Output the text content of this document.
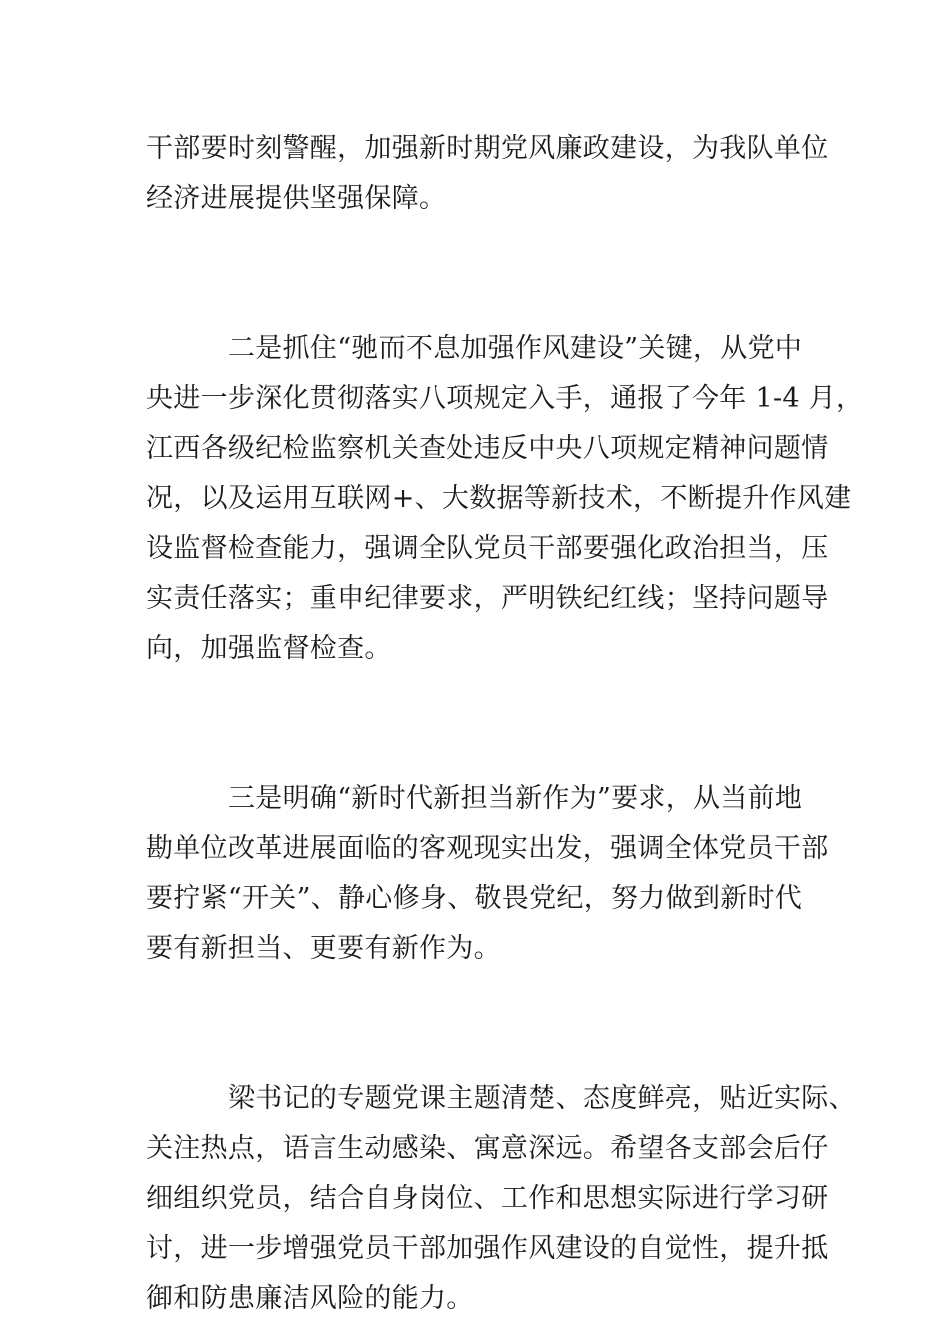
干部要时刻警醒，加强新时期党风廉政建设，为我队单位
经济进展提供坚强保障。

二是抓住“驰而不息加强作风建设”关键，从党中
央进一步深化贯彻落实八项规定入手，通报了今年 1-4 月，
江西各级纪检监察机关查处违反中央八项规定精神问题情
况，以及运用互联网+、大数据等新技术，不断提升作风建
设监督检查能力，强调全队党员干部要强化政治担当，压
实责任落实；重申纪律要求，严明铁纪红线；坚持问题导
向，加强监督检查。

三是明确“新时代新担当新作为”要求，从当前地
勘单位改革进展面临的客观现实出发，强调全体党员干部
要拧紧“开关”、静心修身、敬畏党纪，努力做到新时代
要有新担当、更要有新作为。

梁书记的专题党课主题清楚、态度鲜亮，贴近实际、
关注热点，语言生动感染、寓意深远。希望各支部会后仔
细组织党员，结合自身岗位、工作和思想实际进行学习研
讨，进一步增强党员干部加强作风建设的自觉性，提升抵
御和防患廉洁风险的能力。
